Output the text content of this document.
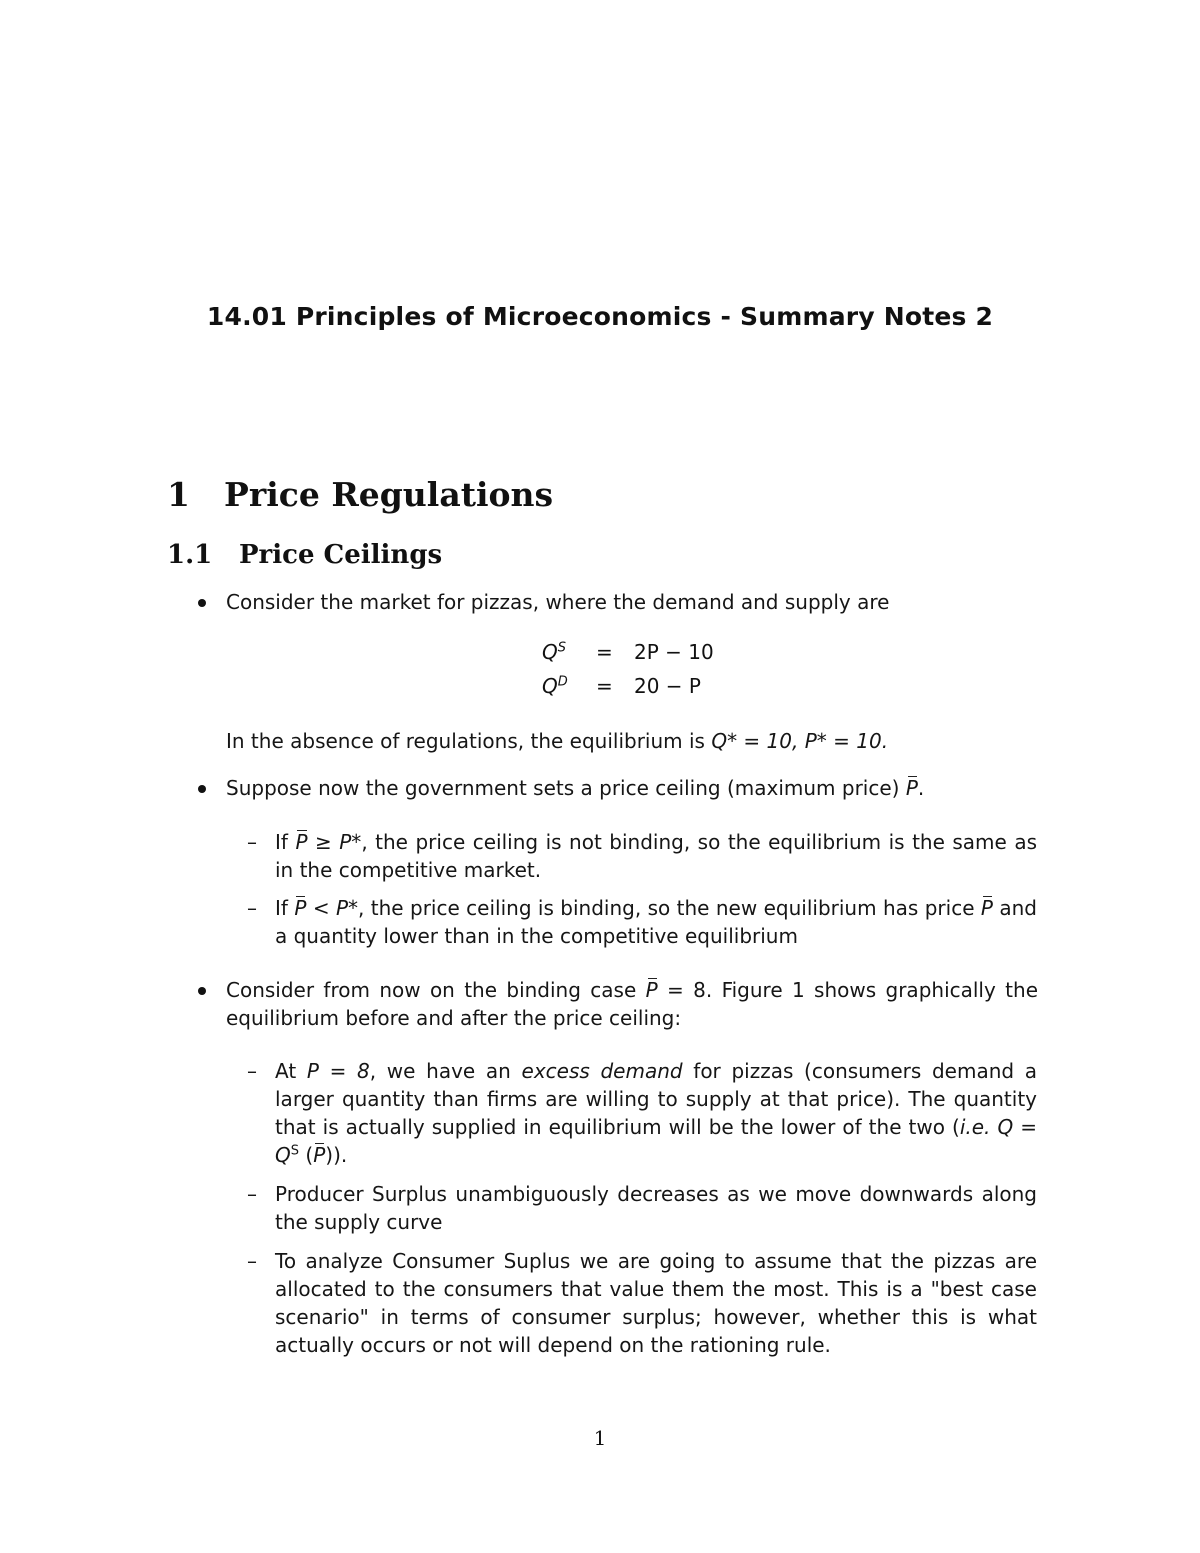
14.01 Principles of Microeconomics - Summary Notes 2
1 Price Regulations
1.1 Price Ceilings
Consider the market for pizzas, where the demand and supply are
$Q^S = 2P - 10$
$Q^D = 20 - P$
In the absence of regulations, the equilibrium is Q* = 10, P* = 10.
Suppose now the government sets a price ceiling (maximum price) P.
– If P ≥ P*, the price ceiling is not binding, so the equilibrium is the same as in the competitive market.
– If P < P*, the price ceiling is binding, so the new equilibrium has price P and a quantity lower than in the competitive equilibrium
Consider from now on the binding case P = 8. Figure 1 shows graphically the equilibrium before and after the price ceiling:
– At P = 8, we have an excess demand for pizzas (consumers demand a larger quantity than firms are willing to supply at that price). The quantity that is actually supplied in equilibrium will be the lower of the two (i.e. $Q = Q^S$ (P)).
– Producer Surplus unambiguously decreases as we move downwards along the supply curve
– To analyze Consumer Suplus we are going to assume that the pizzas are allocated to the consumers that value them the most. This is a "best case scenario" in terms of consumer surplus; however, whether this is what actually occurs or not will depend on the rationing rule.
1
